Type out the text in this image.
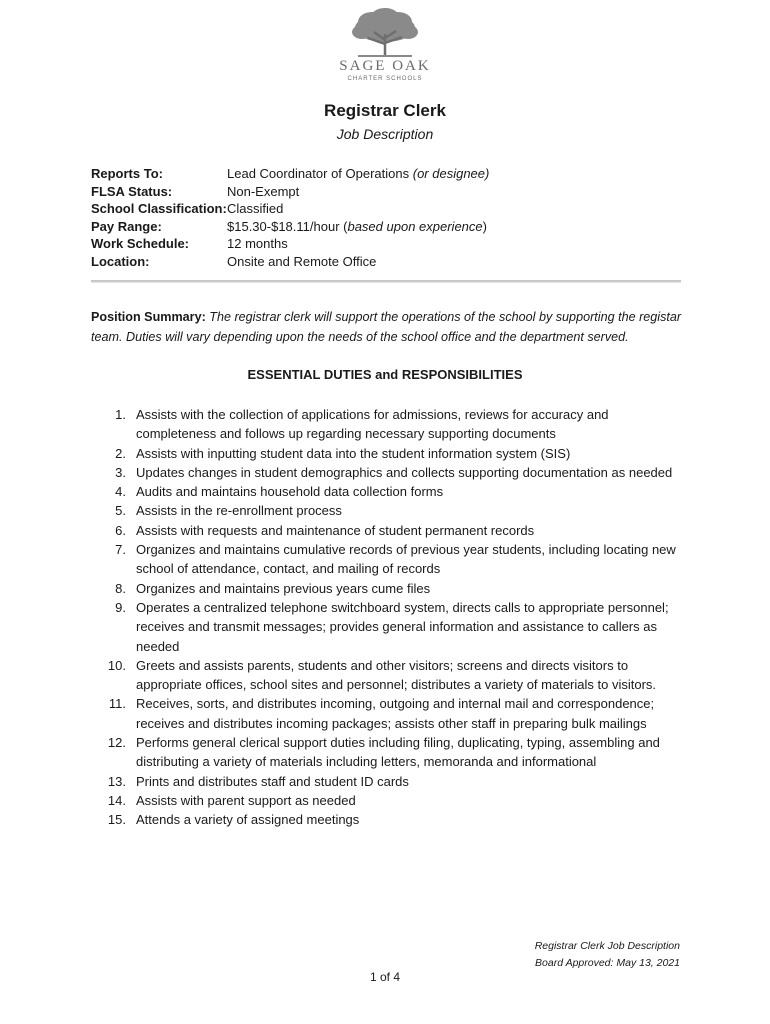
SAGE OAK
CHARTER SCHOOLS
Registrar Clerk
Job Description
Reports To:	Lead Coordinator of Operations (or designee)
FLSA Status:	Non-Exempt
School Classification:Classified
Pay Range:	$15.30-$18.11/hour (based upon experience)
Work Schedule:	12 months
Location:	Onsite and Remote Office
Position Summary: The registrar clerk will support the operations of the school by supporting the registar team. Duties will vary depending upon the needs of the school office and the department served.
ESSENTIAL DUTIES and RESPONSIBILITIES
1. Assists with the collection of applications for admissions, reviews for accuracy and completeness and follows up regarding necessary supporting documents
2. Assists with inputting student data into the student information system (SIS)
3. Updates changes in student demographics and collects supporting documentation as needed
4. Audits and maintains household data collection forms
5. Assists in the re-enrollment process
6. Assists with requests and maintenance of student permanent records
7. Organizes and maintains cumulative records of previous year students, including locating new school of attendance, contact, and mailing of records
8. Organizes and maintains previous years cume files
9. Operates a centralized telephone switchboard system, directs calls to appropriate personnel; receives and transmit messages; provides general information and assistance to callers as needed
10. Greets and assists parents, students and other visitors; screens and directs visitors to appropriate offices, school sites and personnel; distributes a variety of materials to visitors.
11. Receives, sorts, and distributes incoming, outgoing and internal mail and correspondence; receives and distributes incoming packages; assists other staff in preparing bulk mailings
12. Performs general clerical support duties including filing, duplicating, typing, assembling and distributing a variety of materials including letters, memoranda and informational
13. Prints and distributes staff and student ID cards
14. Assists with parent support as needed
15. Attends a variety of assigned meetings
Registrar Clerk Job Description
Board Approved: May 13, 2021
1 of 4
